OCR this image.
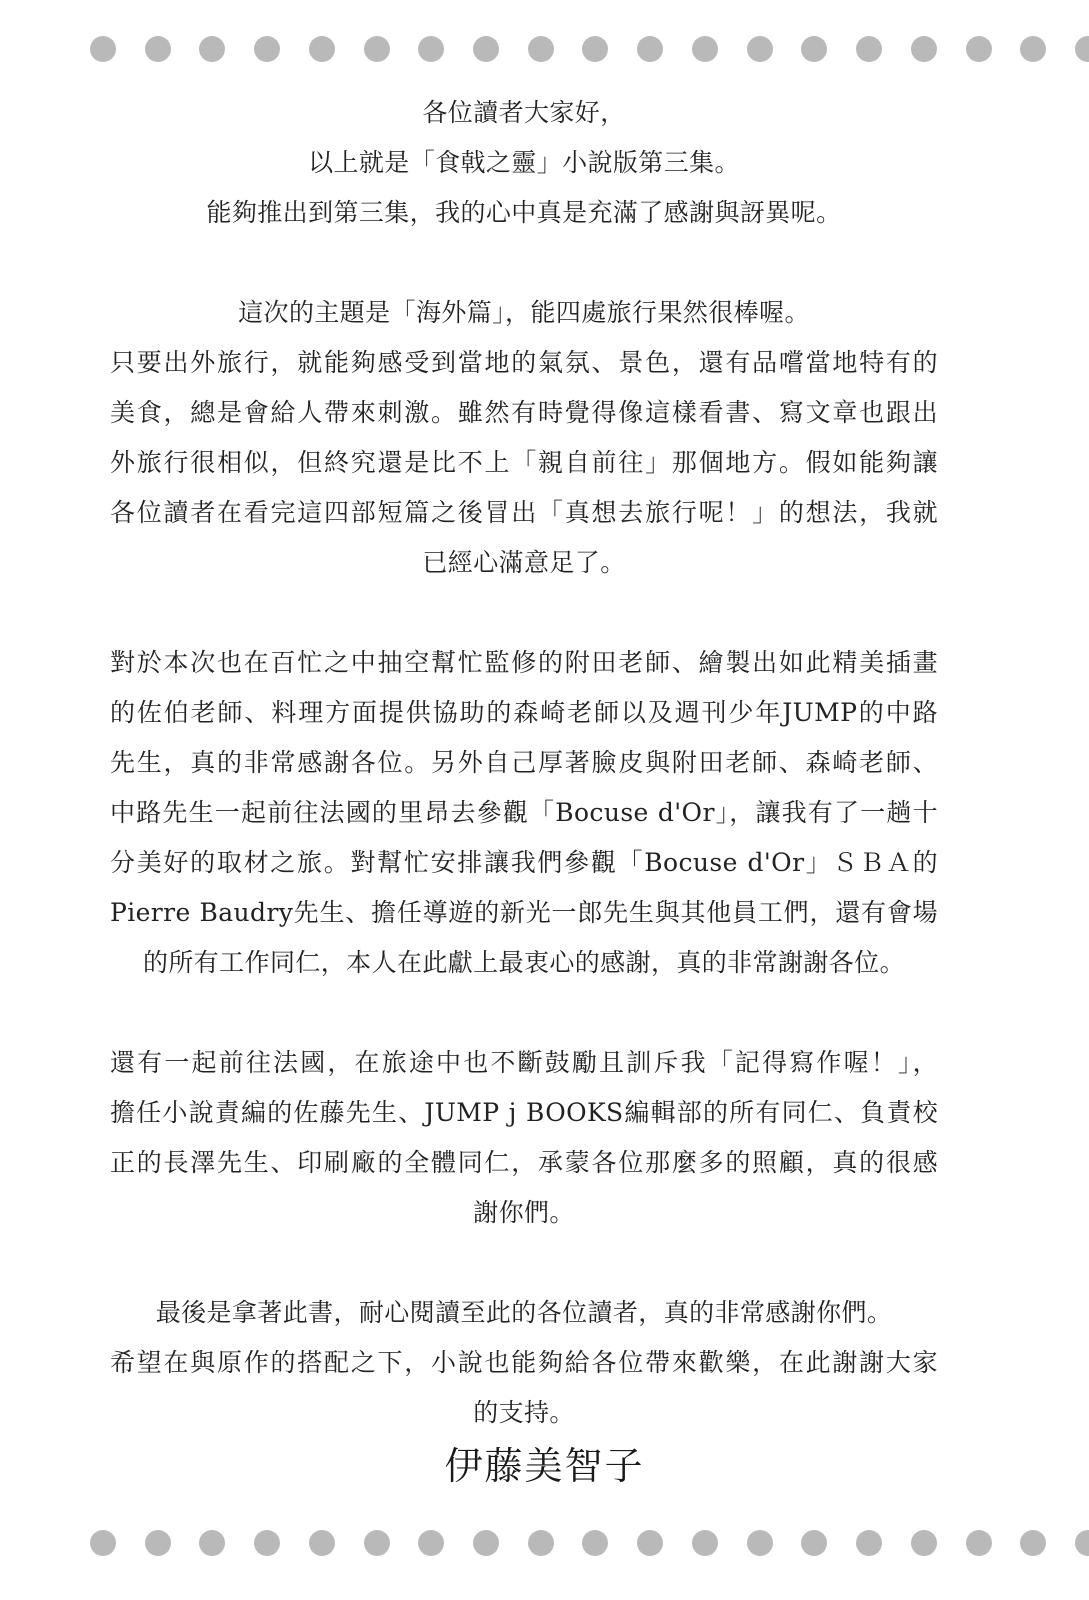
各位讀者大家好，
以上就是「食戟之靈」小說版第三集。
能夠推出到第三集，我的心中真是充滿了感謝與訝異呢。

這次的主題是「海外篇」，能四處旅行果然很棒喔。
只要出外旅行，就能夠感受到當地的氣氛、景色，還有品嚐當地特有的
美食，總是會給人帶來刺激。雖然有時覺得像這樣看書、寫文章也跟出
外旅行很相似，但終究還是比不上「親自前往」那個地方。假如能夠讓
各位讀者在看完這四部短篇之後冒出「真想去旅行呢！」的想法，我就
已經心滿意足了。

對於本次也在百忙之中抽空幫忙監修的附田老師、繪製出如此精美插畫
的佐伯老師、料理方面提供協助的森崎老師以及週刊少年JUMP的中路
先生，真的非常感謝各位。另外自己厚著臉皮與附田老師、森崎老師、
中路先生一起前往法國的里昂去參觀「Bocuse d'Or」，讓我有了一趟十
分美好的取材之旅。對幫忙安排讓我們參觀「Bocuse d'Or」ＳＢＡ的
Pierre Baudry先生、擔任導遊的新光一郎先生與其他員工們，還有會場
的所有工作同仁，本人在此獻上最衷心的感謝，真的非常謝謝各位。

還有一起前往法國，在旅途中也不斷鼓勵且訓斥我「記得寫作喔！」，
擔任小說責編的佐藤先生、JUMP j BOOKS編輯部的所有同仁、負責校
正的長澤先生、印刷廠的全體同仁，承蒙各位那麼多的照顧，真的很感
謝你們。

最後是拿著此書，耐心閱讀至此的各位讀者，真的非常感謝你們。
希望在與原作的搭配之下，小說也能夠給各位帶來歡樂，在此謝謝大家
的支持。

伊藤美智子
